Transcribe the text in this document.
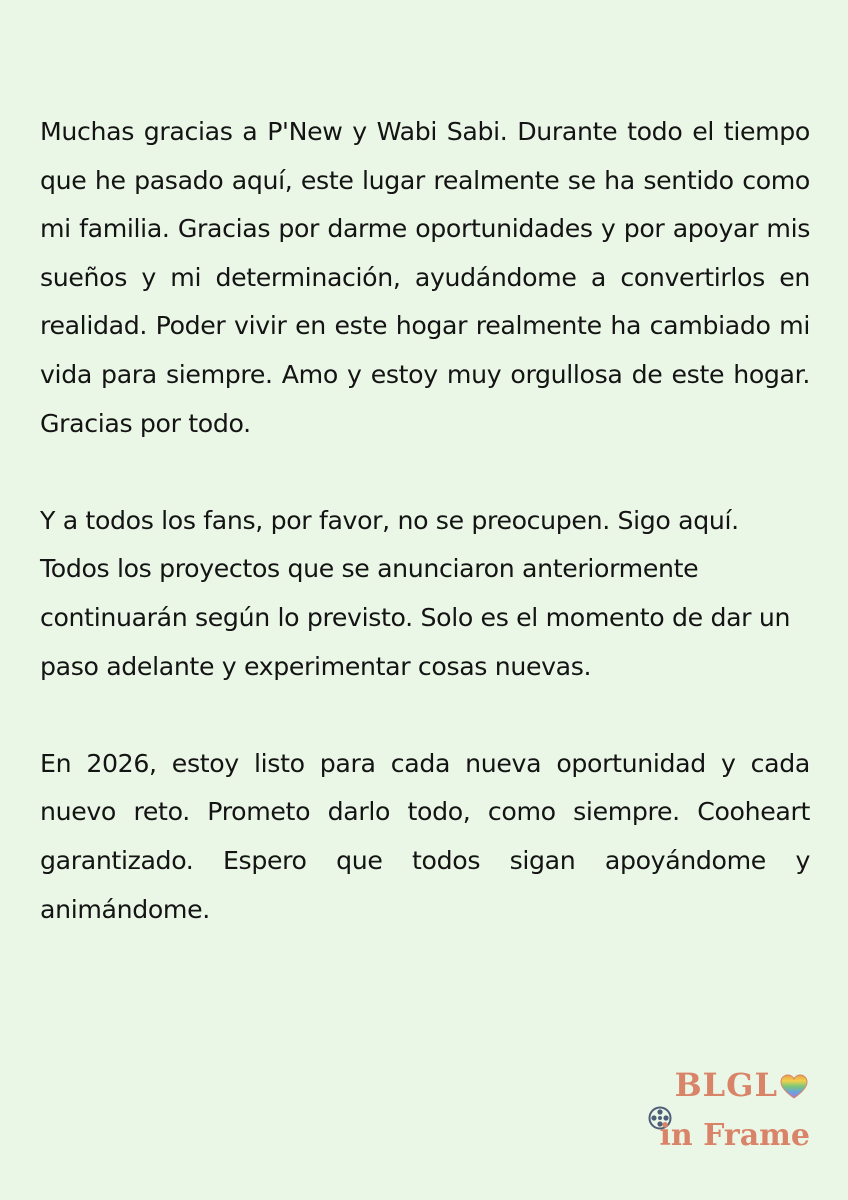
Muchas gracias a P'New y Wabi Sabi. Durante todo el tiempo que he pasado aquí, este lugar realmente se ha sentido como mi familia. Gracias por darme oportunidades y por apoyar mis sueños y mi determinación, ayudándome a convertirlos en realidad. Poder vivir en este hogar realmente ha cambiado mi vida para siempre. Amo y estoy muy orgullosa de este hogar. Gracias por todo.

Y a todos los fans, por favor, no se preocupen. Sigo aquí. Todos los proyectos que se anunciaron anteriormente continuarán según lo previsto. Solo es el momento de dar un paso adelante y experimentar cosas nuevas.

En 2026, estoy listo para cada nueva oportunidad y cada nuevo reto. Prometo darlo todo, como siempre. Cooheart garantizado. Espero que todos sigan apoyándome y animándome.

BLGL
in Frame
